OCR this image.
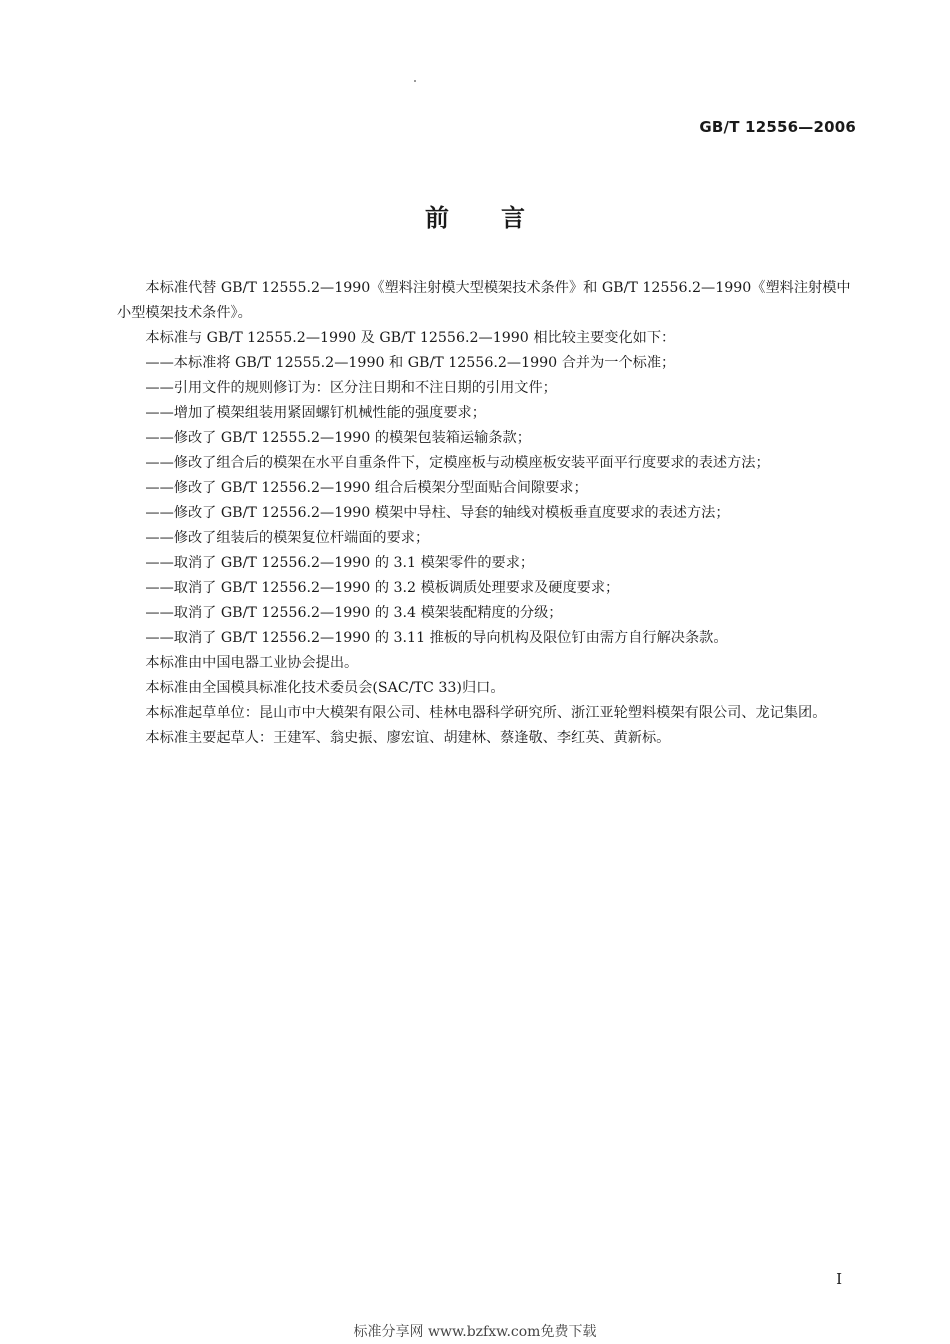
GB/T 12556—2006
前言

本标准代替 GB/T 12555.2—1990《塑料注射模大型模架技术条件》和 GB/T 12556.2—1990《塑料注射模中小型模架技术条件》。

本标准与 GB/T 12555.2—1990 及 GB/T 12556.2—1990 相比较主要变化如下：

——本标准将 GB/T 12555.2—1990 和 GB/T 12556.2—1990 合并为一个标准；

——引用文件的规则修订为：区分注日期和不注日期的引用文件；

——增加了模架组装用紧固螺钉机械性能的强度要求；

——修改了 GB/T 12555.2—1990 的模架包装箱运输条款；

——修改了组合后的模架在水平自重条件下，定模座板与动模座板安装平面平行度要求的表述方法；

——修改了 GB/T 12556.2—1990 组合后模架分型面贴合间隙要求；

——修改了 GB/T 12556.2—1990 模架中导柱、导套的轴线对模板垂直度要求的表述方法；

——修改了组装后的模架复位杆端面的要求；

——取消了 GB/T 12556.2—1990 的 3.1 模架零件的要求；

——取消了 GB/T 12556.2—1990 的 3.2 模板调质处理要求及硬度要求；

——取消了 GB/T 12556.2—1990 的 3.4 模架装配精度的分级；

——取消了 GB/T 12556.2—1990 的 3.11 推板的导向机构及限位钉由需方自行解决条款。

本标准由中国电器工业协会提出。

本标准由全国模具标准化技术委员会(SAC/TC 33)归口。

本标准起草单位：昆山市中大模架有限公司、桂林电器科学研究所、浙江亚轮塑料模架有限公司、龙记集团。

本标准主要起草人：王建军、翁史振、廖宏谊、胡建林、蔡逢敬、李红英、黄新标。

I
标准分享网 www.bzfxw.com免费下载
